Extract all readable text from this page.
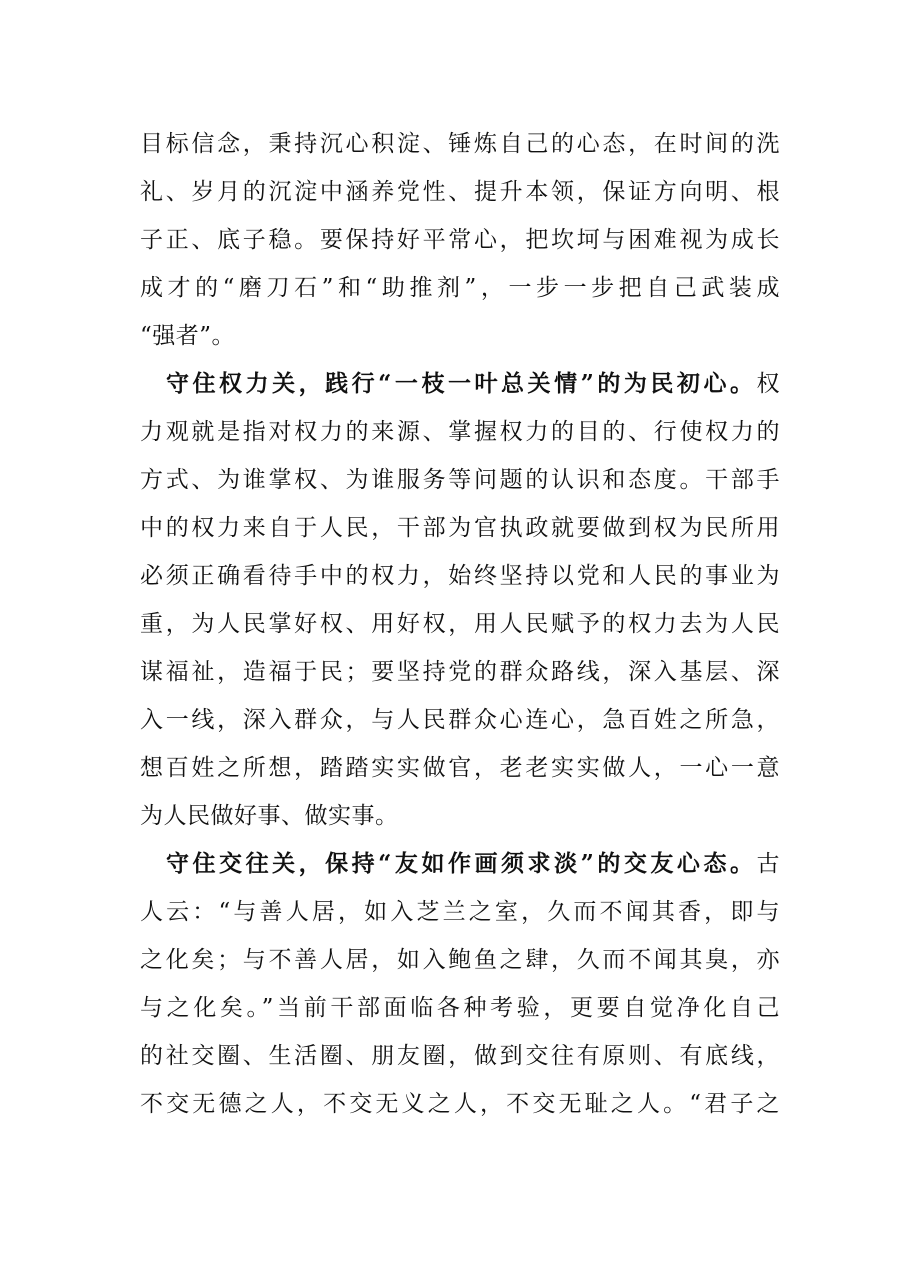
目标信念，秉持沉心积淀、锤炼自己的心态，在时间的洗
礼、岁月的沉淀中涵养党性、提升本领，保证方向明、根
子正、底子稳。要保持好平常心，把坎坷与困难视为成长
成才的“磨刀石”和“助推剂”，一步一步把自己武装成
“强者”。
守住权力关，践行“一枝一叶总关情”的为民初心。权
力观就是指对权力的来源、掌握权力的目的、行使权力的
方式、为谁掌权、为谁服务等问题的认识和态度。干部手
中的权力来自于人民，干部为官执政就要做到权为民所用
必须正确看待手中的权力，始终坚持以党和人民的事业为
重，为人民掌好权、用好权，用人民赋予的权力去为人民
谋福祉，造福于民；要坚持党的群众路线，深入基层、深
入一线，深入群众，与人民群众心连心，急百姓之所急，
想百姓之所想，踏踏实实做官，老老实实做人，一心一意
为人民做好事、做实事。
守住交往关，保持“友如作画须求淡”的交友心态。古
人云：“与善人居，如入芝兰之室，久而不闻其香，即与
之化矣；与不善人居，如入鲍鱼之肆，久而不闻其臭，亦
与之化矣。”当前干部面临各种考验，更要自觉净化自己
的社交圈、生活圈、朋友圈，做到交往有原则、有底线，
不交无德之人，不交无义之人，不交无耻之人。“君子之
